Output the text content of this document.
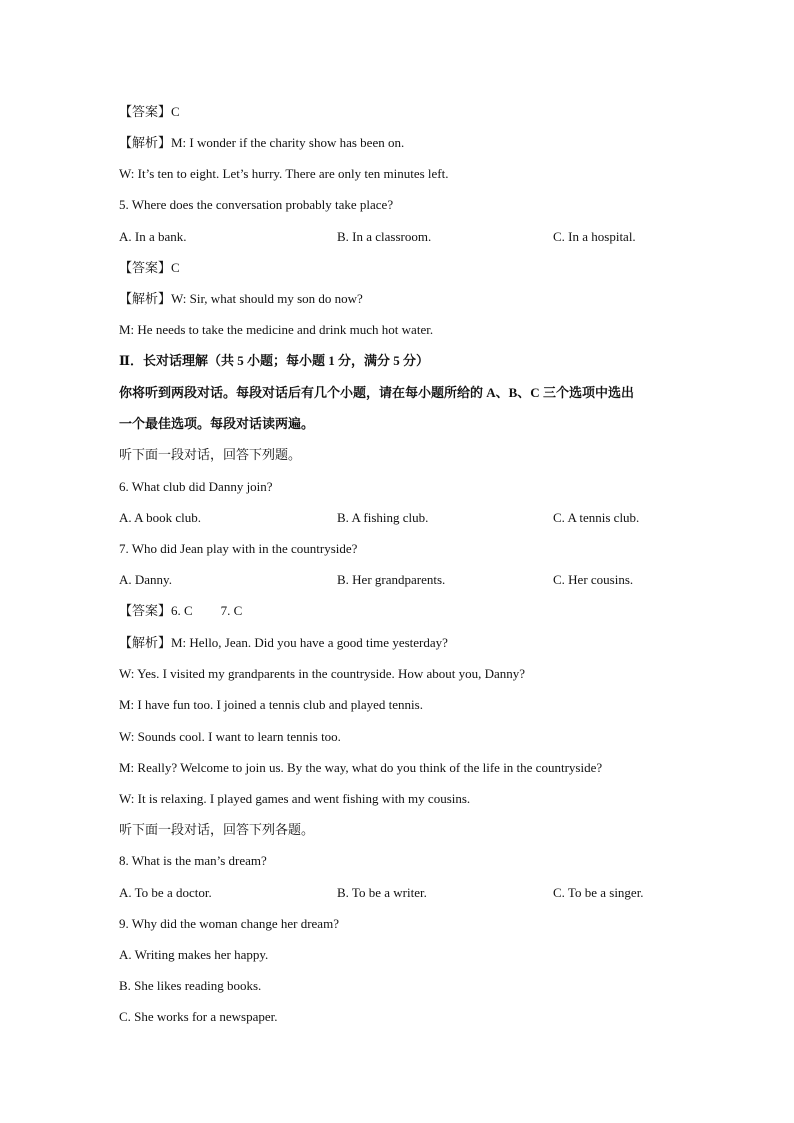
【答案】C
【解析】M: I wonder if the charity show has been on.
W: It’s ten to eight. Let’s hurry. There are only ten minutes left.
5. Where does the conversation probably take place?
A. In a bank.	B. In a classroom.	C. In a hospital.
【答案】C
【解析】W: Sir, what should my son do now?
M: He needs to take the medicine and drink much hot water.
Ⅱ．长对话理解（共 5 小题；每小题 1 分，满分 5 分）
你将听到两段对话。每段对话后有几个小题，请在每小题所给的 A、B、C 三个选项中选出
一个最佳选项。每段对话读两遍。
听下面一段对话，回答下列题。
6. What club did Danny join?
A. A book club.	B. A fishing club.	C. A tennis club.
7. Who did Jean play with in the countryside?
A. Danny.	B. Her grandparents.	C. Her cousins.
【答案】6. C 7. C
【解析】M: Hello, Jean. Did you have a good time yesterday?
W: Yes. I visited my grandparents in the countryside. How about you, Danny?
M: I have fun too. I joined a tennis club and played tennis.
W: Sounds cool. I want to learn tennis too.
M: Really? Welcome to join us. By the way, what do you think of the life in the countryside?
W: It is relaxing. I played games and went fishing with my cousins.
听下面一段对话，回答下列各题。
8. What is the man’s dream?
A. To be a doctor.	B. To be a writer.	C. To be a singer.
9. Why did the woman change her dream?
A. Writing makes her happy.
B. She likes reading books.
C. She works for a newspaper.
